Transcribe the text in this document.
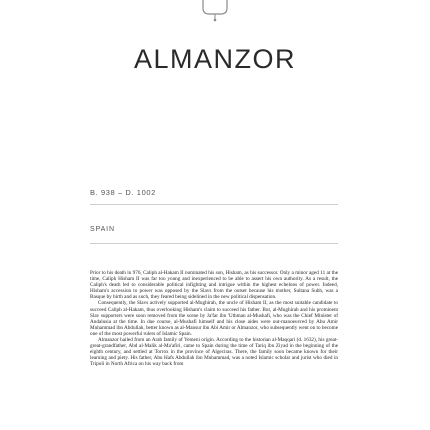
ALMANZOR
B. 938 – D. 1002
SPAIN

Prior to his death in 976, Caliph al-Hakam II nominated his son, Hisham, as his successor. Only a minor aged 11 at the time, Caliph Hisham II was far too young and inexperienced to be able to assert his own authority. As a result, the Caliph's death led to considerable political infighting and intrigue within the highest echelons of power. Indeed, Hisham's accession to power was opposed by the Slavs from the outset because his mother, Sultana Subh, was a Basque by birth and as such, they feared being sidelined in the new political dispensation.

Consequently, the Slavs actively supported al-Mughirah, the uncle of Hisham II, as the most suitable candidate to succeed Caliph al-Hakam, thus overlooking Hisham's claim to succeed his father. But, al-Mughirah and his prominent Slav supporters were soon removed from the scene by Ja'far ibn 'Uthman al-Mushafi, who was the Chief Minister of Andalusia at the time. In due course, al-Mushafi himself and his close aides were out-manoeuvred by Abu Amir Muhammad ibn Abdullah, better known as al-Mansur ibn Abi Amir or Almanzor, who subsequently went on to become one of the most powerful rulers of Islamic Spain.

Almanzor hailed from an Arab family of Yemeni origin. According to the historian al-Maqqari (d. 1632), his great-great-grandfather, Abd al-Malik al-Ma'afiri, came to Spain during the time of Tariq ibn Ziyad in the beginning of the eighth century, and settled at Torrox in the province of Algeciras. There, the family soon became known for their learning and piety. His father, Abu Hafs Abdullah ibn Muhammad, was a noted Islamic scholar and jurist who died in Tripoli in North Africa on his way back from
